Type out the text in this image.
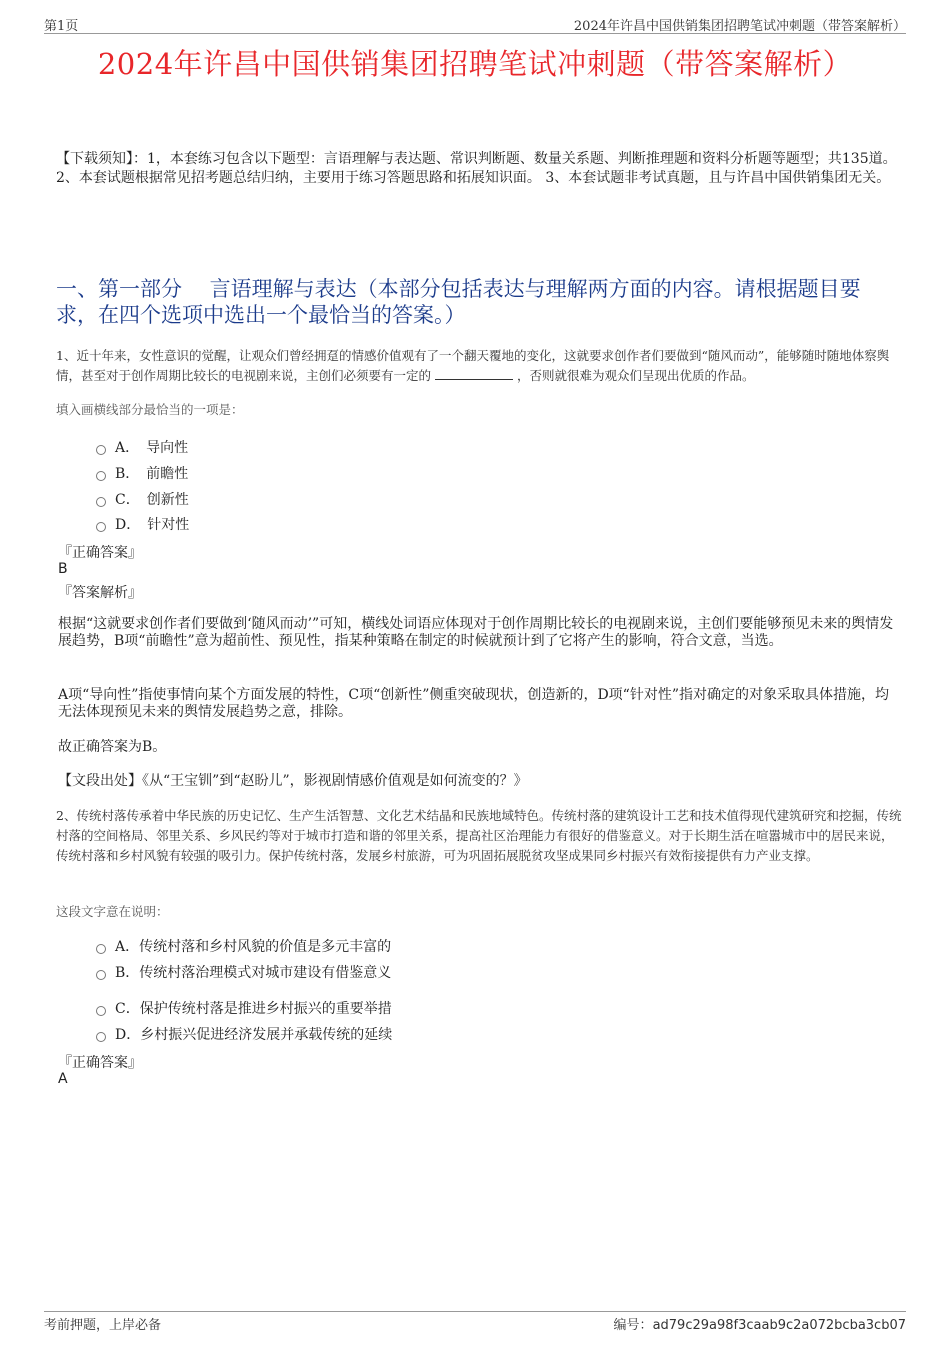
第1页	2024年许昌中国供销集团招聘笔试冲刺题（带答案解析）
2024年许昌中国供销集团招聘笔试冲刺题（带答案解析）
【下载须知】：1，本套练习包含以下题型：言语理解与表达题、常识判断题、数量关系题、判断推理题和资料分析题等题型；共135道。 2、本套试题根据常见招考题总结归纳，主要用于练习答题思路和拓展知识面。 3、本套试题非考试真题，且与许昌中国供销集团无关。
一、第一部分　 言语理解与表达（本部分包括表达与理解两方面的内容。请根据题目要求，在四个选项中选出一个最恰当的答案。）
1、近十年来，女性意识的觉醒，让观众们曾经拥趸的情感价值观有了一个翻天覆地的变化，这就要求创作者们要做到“随风而动”，能够随时随地体察舆情，甚至对于创作周期比较长的电视剧来说，主创们必须要有一定的	，否则就很难为观众们呈现出优质的作品。
填入画横线部分最恰当的一项是：
A．　导向性
B．　前瞻性
C．　创新性
D．　针对性
『正确答案』
B
『答案解析』
根据“这就要求创作者们要做到‘随风而动’”可知，横线处词语应体现对于创作周期比较长的电视剧来说，主创们要能够预见未来的舆情发展趋势，B项“前瞻性”意为超前性、预见性，指某种策略在制定的时候就预计到了它将产生的影响，符合文意，当选。
A项“导向性”指使事情向某个方面发展的特性，C项“创新性”侧重突破现状，创造新的，D项“针对性”指对确定的对象采取具体措施，均无法体现预见未来的舆情发展趋势之意，排除。
故正确答案为B。
【文段出处】《从“王宝钏”到“赵盼儿”，影视剧情感价值观是如何流变的？》
2、传统村落传承着中华民族的历史记忆、生产生活智慧、文化艺术结晶和民族地域特色。传统村落的建筑设计工艺和技术值得现代建筑研究和挖掘，传统村落的空间格局、邻里关系、乡风民约等对于城市打造和谐的邻里关系，提高社区治理能力有很好的借鉴意义。对于长期生活在喧嚣城市中的居民来说，传统村落和乡村风貌有较强的吸引力。保护传统村落，发展乡村旅游，可为巩固拓展脱贫攻坚成果同乡村振兴有效衔接提供有力产业支撑。
这段文字意在说明：
A．传统村落和乡村风貌的价值是多元丰富的
B．传统村落治理模式对城市建设有借鉴意义
C．保护传统村落是推进乡村振兴的重要举措
D．乡村振兴促进经济发展并承载传统的延续
『正确答案』
A
考前押题，上岸必备	编号：ad79c29a98f3caab9c2a072bcba3cb07
